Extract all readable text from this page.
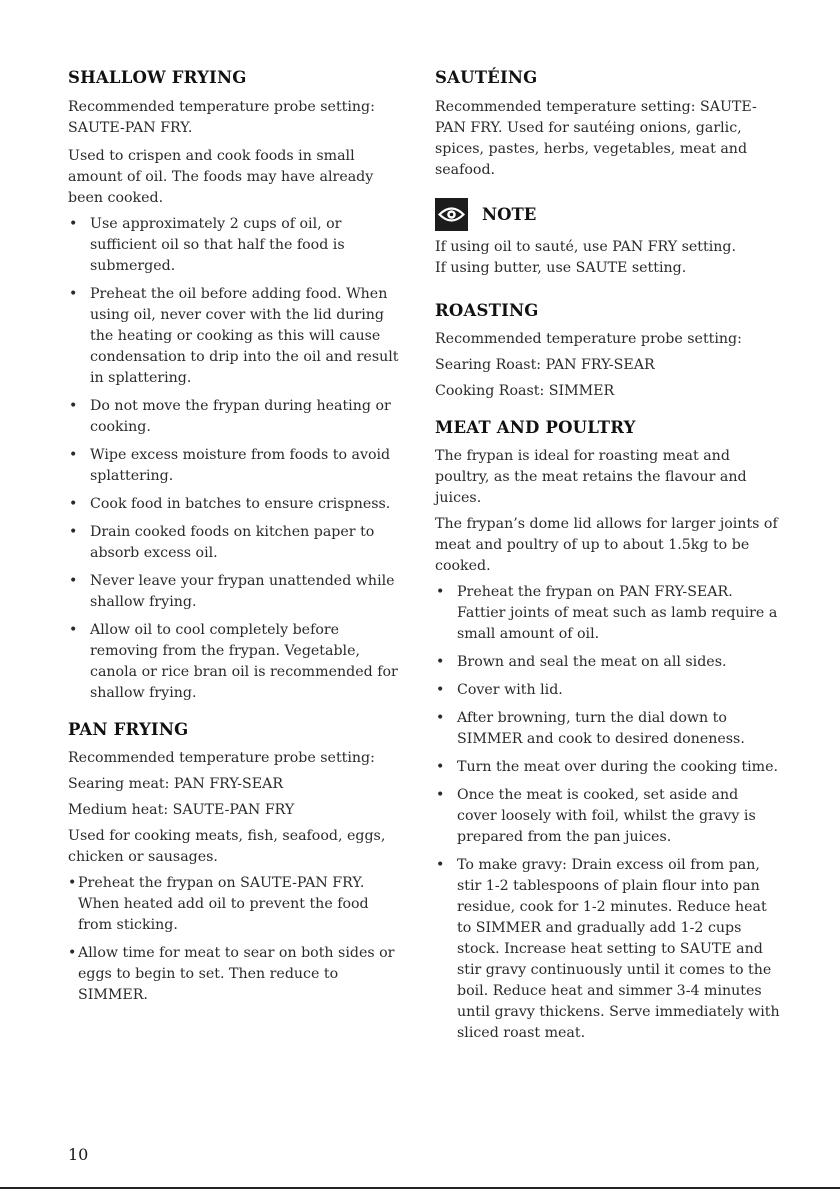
SHALLOW FRYING

Recommended temperature probe setting: SAUTE-PAN FRY.

Used to crispen and cook foods in small amount of oil. The foods may have already been cooked.

• Use approximately 2 cups of oil, or sufficient oil so that half the food is submerged.
• Preheat the oil before adding food. When using oil, never cover with the lid during the heating or cooking as this will cause condensation to drip into the oil and result in splattering.
• Do not move the frypan during heating or cooking.
• Wipe excess moisture from foods to avoid splattering.
• Cook food in batches to ensure crispness.
• Drain cooked foods on kitchen paper to absorb excess oil.
• Never leave your frypan unattended while shallow frying.
• Allow oil to cool completely before removing from the frypan. Vegetable, canola or rice bran oil is recommended for shallow frying.
PAN FRYING

Recommended temperature probe setting:

Searing meat: PAN FRY-SEAR

Medium heat: SAUTE-PAN FRY

Used for cooking meats, fish, seafood, eggs, chicken or sausages.

• Preheat the frypan on SAUTE-PAN FRY. When heated add oil to prevent the food from sticking.
• Allow time for meat to sear on both sides or eggs to begin to set. Then reduce to SIMMER.
SAUTÉING

Recommended temperature setting: SAUTE- PAN FRY. Used for sautéing onions, garlic, spices, pastes, herbs, vegetables, meat and seafood.

NOTE

If using oil to sauté, use PAN FRY setting.

If using butter, use SAUTE setting.

ROASTING

Recommended temperature probe setting:

Searing Roast: PAN FRY-SEAR

Cooking Roast: SIMMER

MEAT AND POULTRY

The frypan is ideal for roasting meat and poultry, as the meat retains the flavour and juices.

The frypan’s dome lid allows for larger joints of meat and poultry of up to about 1.5kg to be cooked.

• Preheat the frypan on PAN FRY-SEAR. Fattier joints of meat such as lamb require a small amount of oil.
• Brown and seal the meat on all sides.
• Cover with lid.
• After browning, turn the dial down to SIMMER and cook to desired doneness.
• Turn the meat over during the cooking time.
• Once the meat is cooked, set aside and cover loosely with foil, whilst the gravy is prepared from the pan juices.
• To make gravy: Drain excess oil from pan, stir 1-2 tablespoons of plain flour into pan residue, cook for 1-2 minutes. Reduce heat to SIMMER and gradually add 1-2 cups stock. Increase heat setting to SAUTE and stir gravy continuously until it comes to the boil. Reduce heat and simmer 3-4 minutes until gravy thickens. Serve immediately with sliced roast meat.
10
